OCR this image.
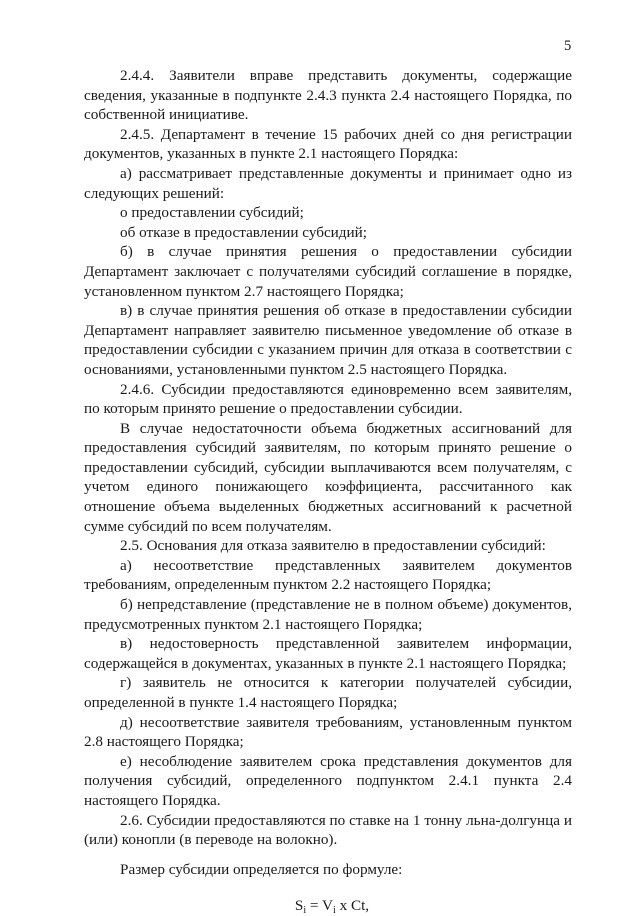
5

2.4.4. Заявители вправе представить документы, содержащие сведения, указанные в подпункте 2.4.3 пункта 2.4 настоящего Порядка, по собственной инициативе.

2.4.5. Департамент в течение 15 рабочих дней со дня регистрации документов, указанных в пункте 2.1 настоящего Порядка:

а) рассматривает представленные документы и принимает одно из следующих решений:

о предоставлении субсидий;

об отказе в предоставлении субсидий;

б) в случае принятия решения о предоставлении субсидии Департамент заключает с получателями субсидий соглашение в порядке, установленном пунктом 2.7 настоящего Порядка;

в) в случае принятия решения об отказе в предоставлении субсидии Департамент направляет заявителю письменное уведомление об отказе в предоставлении субсидии с указанием причин для отказа в соответствии с основаниями, установленными пунктом 2.5 настоящего Порядка.

2.4.6. Субсидии предоставляются единовременно всем заявителям, по которым принято решение о предоставлении субсидии.

В случае недостаточности объема бюджетных ассигнований для предоставления субсидий заявителям, по которым принято решение о предоставлении субсидий, субсидии выплачиваются всем получателям, с учетом единого понижающего коэффициента, рассчитанного как отношение объема выделенных бюджетных ассигнований к расчетной сумме субсидий по всем получателям.

2.5. Основания для отказа заявителю в предоставлении субсидий:

а) несоответствие представленных заявителем документов требованиям, определенным пунктом 2.2 настоящего Порядка;

б) непредставление (представление не в полном объеме) документов, предусмотренных пунктом 2.1 настоящего Порядка;

в) недостоверность представленной заявителем информации, содержащейся в документах, указанных в пункте 2.1 настоящего Порядка;

г) заявитель не относится к категории получателей субсидии, определенной в пункте 1.4 настоящего Порядка;

д) несоответствие заявителя требованиям, установленным пунктом 2.8 настоящего Порядка;

е) несоблюдение заявителем срока представления документов для получения субсидий, определенного подпунктом 2.4.1 пункта 2.4 настоящего Порядка.

2.6. Субсидии предоставляются по ставке на 1 тонну льна-долгунца и (или) конопли (в переводе на волокно).

Размер субсидии определяется по формуле:

$S_i = V_i$ x Ct,
